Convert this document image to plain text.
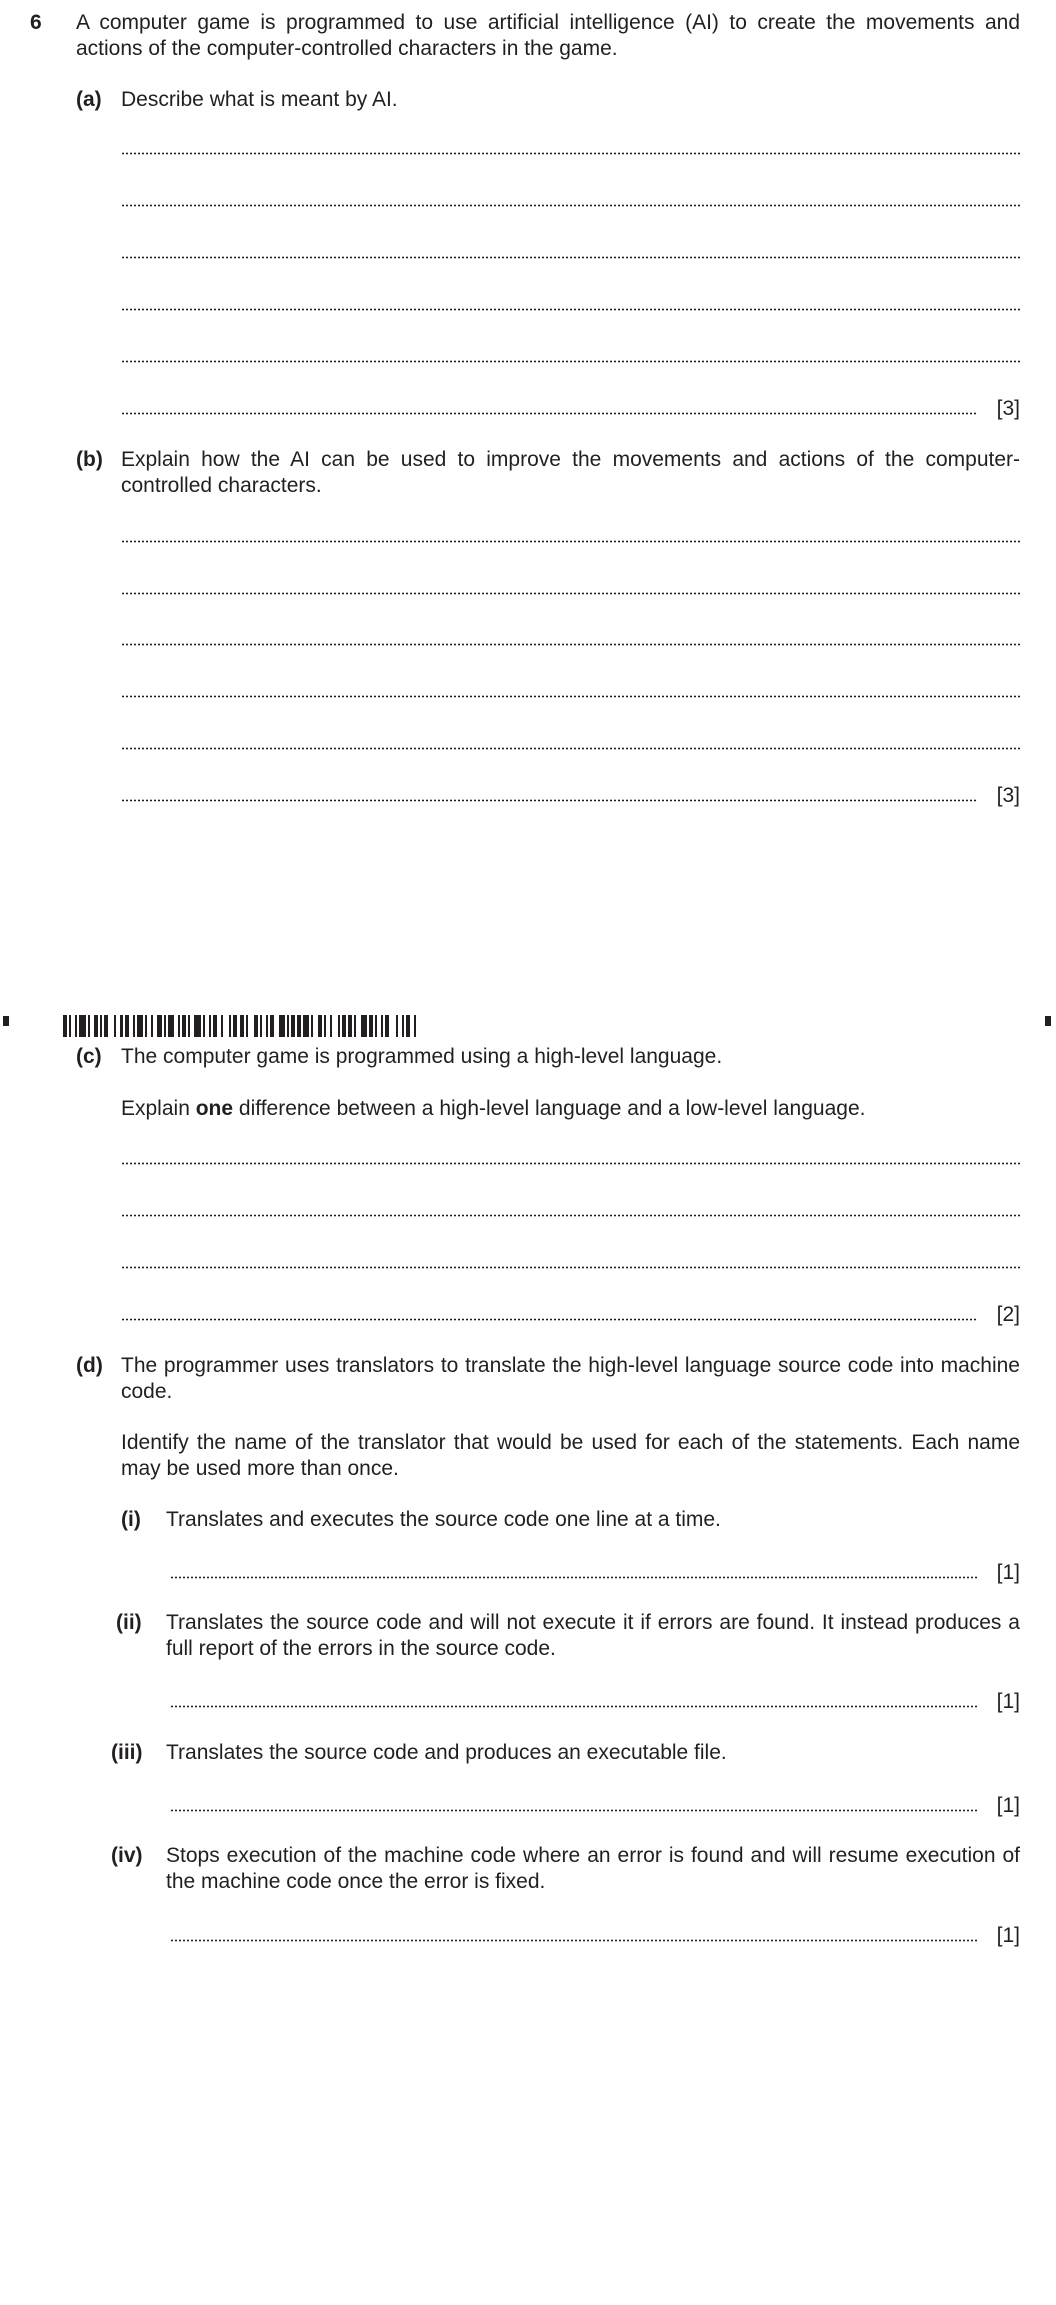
6 A computer game is programmed to use artificial intelligence (AI) to create the movements and actions of the computer-controlled characters in the game.
(a) Describe what is meant by AI.
[3]
(b) Explain how the AI can be used to improve the movements and actions of the computer-controlled characters.
[3]
(c) The computer game is programmed using a high-level language.
Explain one difference between a high-level language and a low-level language.
[2]
(d) The programmer uses translators to translate the high-level language source code into machine code.
Identify the name of the translator that would be used for each of the statements. Each name may be used more than once.
(i) Translates and executes the source code one line at a time.
[1]
(ii) Translates the source code and will not execute it if errors are found. It instead produces a full report of the errors in the source code.
[1]
(iii) Translates the source code and produces an executable file.
[1]
(iv) Stops execution of the machine code where an error is found and will resume execution of the machine code once the error is fixed.
[1]
